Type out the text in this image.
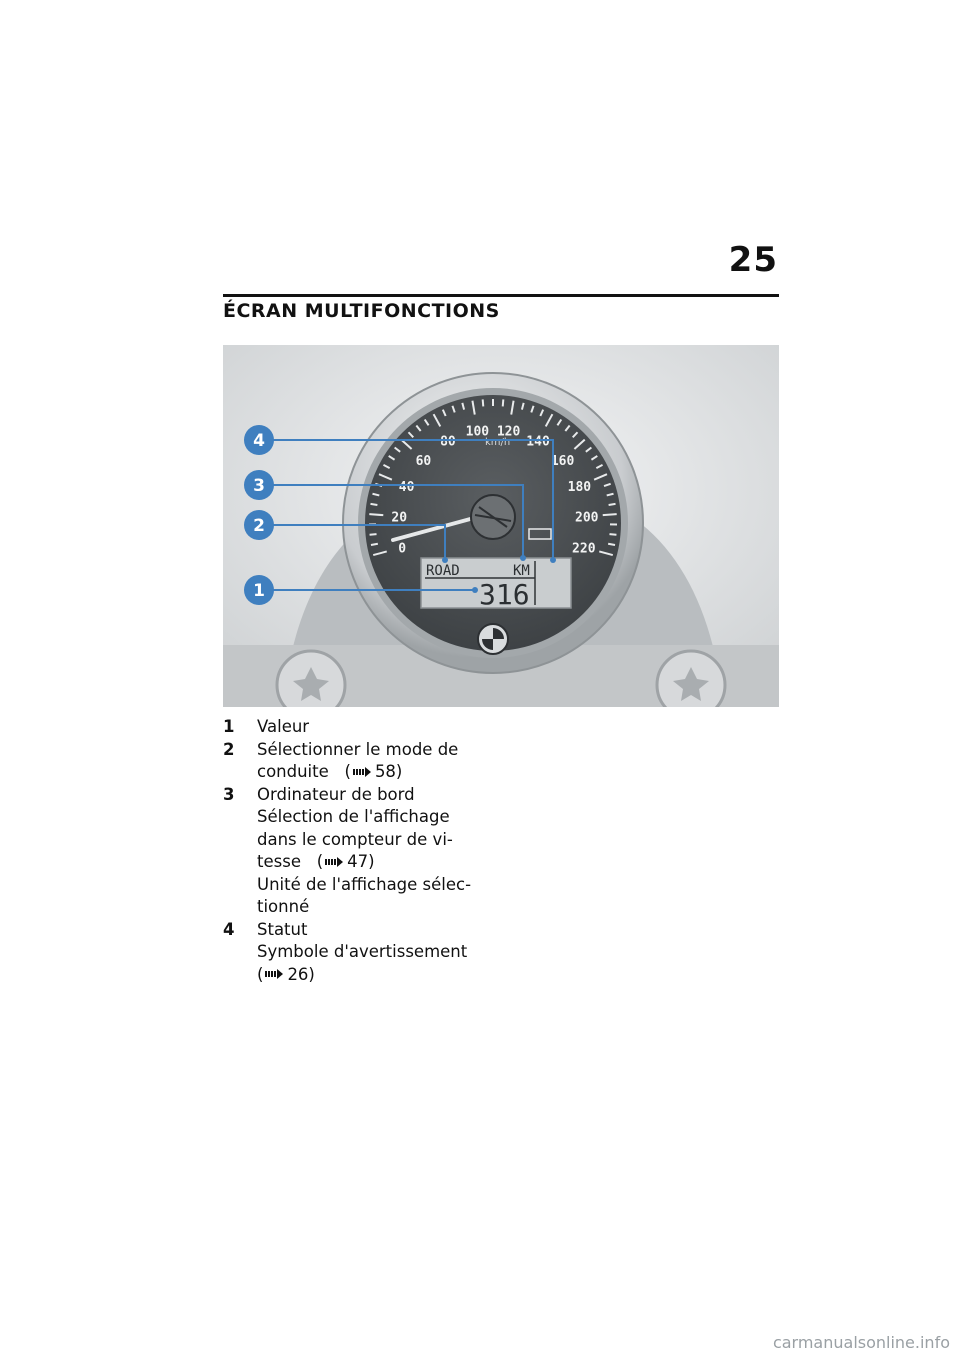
25
ÉCRAN MULTIFONCTIONS
0
20
40
60
80
100 120
140
160
180
200
220
km/h
ROAD	KM
316
1
2
3
4
1 Valeur
2 Sélectionner le mode de
conduite   ( 58)
3 Ordinateur de bord
Sélection de l'affichage
dans le compteur de vi-
tesse   ( 47)
Unité de l'affichage sélec-
tionné
4 Statut
Symbole d'avertissement
( 26)
carmanualsonline.info
